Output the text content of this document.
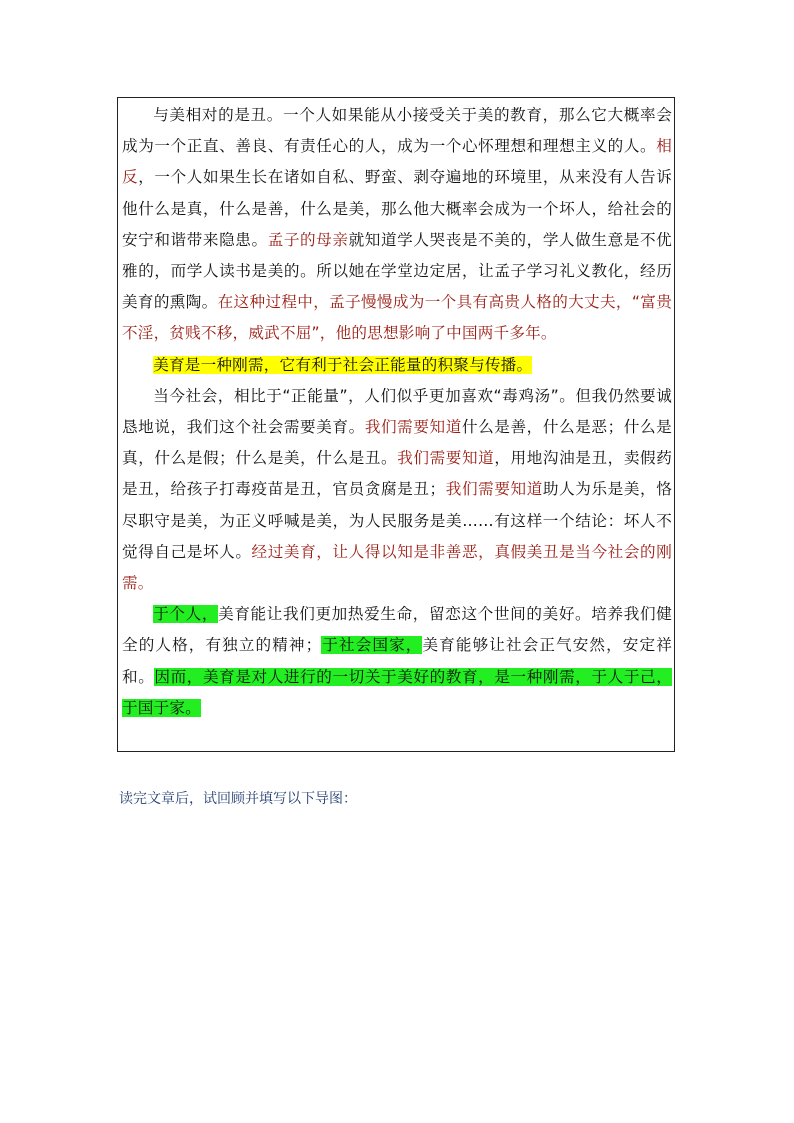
与美相对的是丑。一个人如果能从小接受关于美的教育，那么它大概率会成为一个正直、善良、有责任心的人，成为一个心怀理想和理想主义的人。相反，一个人如果生长在诸如自私、野蛮、剥夺遍地的环境里，从来没有人告诉他什么是真，什么是善，什么是美，那么他大概率会成为一个坏人，给社会的安宁和谐带来隐患。孟子的母亲就知道学人哭丧是不美的，学人做生意是不优雅的，而学人读书是美的。所以她在学堂边定居，让孟子学习礼义教化，经历美育的熏陶。在这种过程中，孟子慢慢成为一个具有高贵人格的大丈夫，“富贵不淫，贫贱不移，威武不屈”，他的思想影响了中国两千多年。

美育是一种刚需，它有利于社会正能量的积聚与传播。

当今社会，相比于“正能量”，人们似乎更加喜欢“毒鸡汤”。但我仍然要诚恳地说，我们这个社会需要美育。我们需要知道什么是善，什么是恶；什么是真，什么是假；什么是美，什么是丑。我们需要知道，用地沟油是丑，卖假药是丑，给孩子打毒疫苗是丑，官员贪腐是丑；我们需要知道助人为乐是美，恪尽职守是美，为正义呼喊是美，为人民服务是美……有这样一个结论：坏人不觉得自己是坏人。经过美育，让人得以知是非善恶，真假美丑是当今社会的刚需。

于个人，美育能让我们更加热爱生命，留恋这个世间的美好。培养我们健全的人格，有独立的精神；于社会国家，美育能够让社会正气安然，安定祥和。因而，美育是对人进行的一切关于美好的教育，是一种刚需，于人于己，于国于家。

读完文章后，试回顾并填写以下导图：
